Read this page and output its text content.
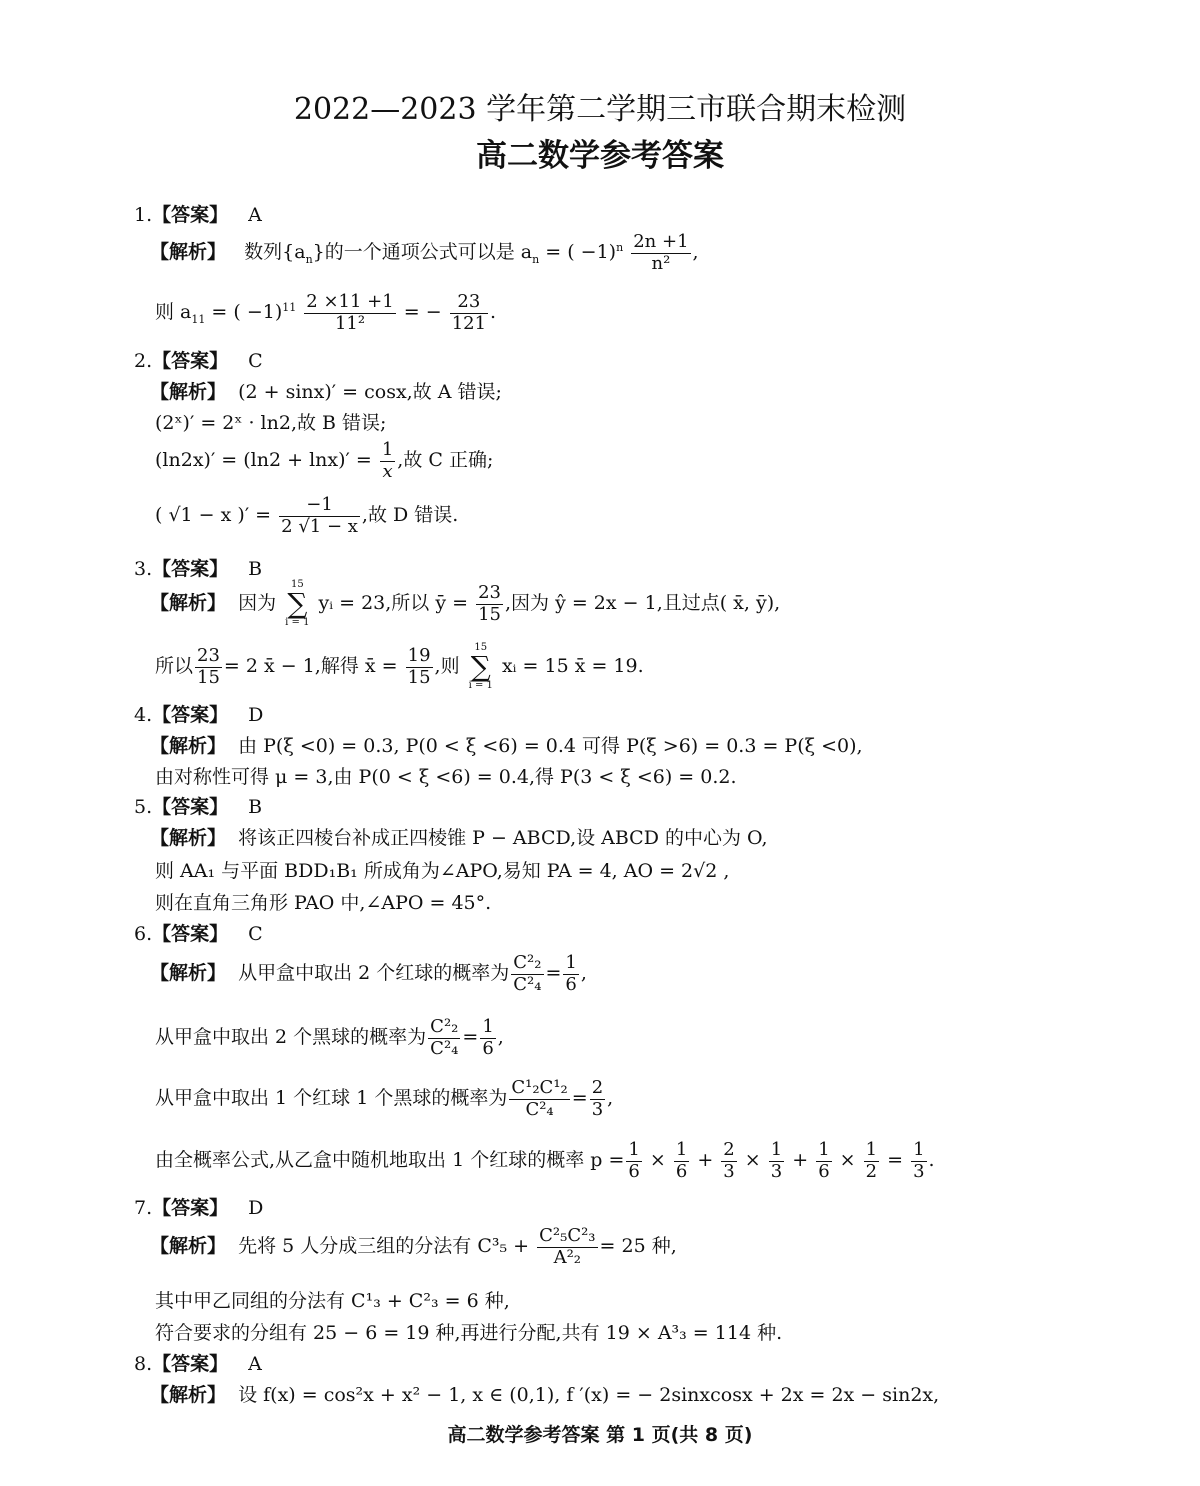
2022—2023 学年第二学期三市联合期末检测
高二数学参考答案
1.【答案】 A
【解析】 数列$\{a_n\}$的一个通项公式可以是 $a_n$ = ( $-1)^n \frac{2n +1}{\text{n²}}$ ,
则 $a_{11}$ = ( $-1)^{11} \frac{2 \times 11 +1}{\text{11²}}$ = − $\frac{23}{121}$ .
2.【答案】 C
【解析】 (2 + sinx)′ = cosx,故 A 错误;
(2ˣ)′ = 2ˣ · ln2,故 B 错误;
$(\ln 2x)' = (\ln 2 + \ln x)' = \frac{1}{x}$ ,故 C 正确;
( √1 − x )′ = $\frac{-1}{2 √1 - x}$ ,故 D 错误.
3.【答案】 B
【解析】 因为
15
∑
i = 1
yᵢ = 23,所以 ȳ = $\frac{23}{15}$ ,因为 ŷ = 2x − 1,且过点( x̄, ȳ),
所以 $\frac{23}{15} = 2$ x̄ − 1,解得 x̄ = $\frac{19}{15}$ ,则
15
∑
i = 1
xᵢ = 15 x̄ = 19.
4.【答案】 D
【解析】 由 P(ξ <0) = 0.3, P(0 < ξ <6) = 0.4 可得 P(ξ >6) = 0.3 = P(ξ <0),
由对称性可得 μ = 3,由 P(0 < ξ <6) = 0.4,得 P(3 < ξ <6) = 0.2.
5.【答案】 B
【解析】 将该正四棱台补成正四棱锥 P − ABCD,设 ABCD 的中心为 O,
则 AA₁ 与平面 BDD₁B₁ 所成角为∠APO,易知 PA = 4, AO = 2√2 ,
则在直角三角形 PAO 中,∠APO = 45°.
6.【答案】 C
【解析】 从甲盒中取出 2 个红球的概率为 $\frac{\text{C²₂}}{\text{C²₄}} = \frac{1}{6}$ ,
从甲盒中取出 2 个黑球的概率为 $\frac{\text{C²₂}}{\text{C²₄}} = \frac{1}{6}$ ,
从甲盒中取出 1 个红球 1 个黑球的概率为 $\frac{\text{C¹₂C¹₂}}{\text{C²₄}} = \frac{2}{3}$ ,
由全概率公式,从乙盒中随机地取出 1 个红球的概率 $p = \frac{1}{6} \times \frac{1}{6} + \frac{2}{3} \times \frac{1}{3} + \frac{1}{6} \times \frac{1}{2} = \frac{1}{3}$ .
7.【答案】 D
【解析】 先将 5 人分成三组的分法有 $C^3_5 + \frac{\text{C²₅C²₃}}{\text{A²₂}} = 25$ 种,
其中甲乙同组的分法有 C¹₃ + C²₃ = 6 种,
符合要求的分组有 25 − 6 = 19 种,再进行分配,共有 19 × A³₃ = 114 种.
8.【答案】 A
【解析】 设 f(x) = cos²x + x² − 1, x ∈ (0,1), f ′(x) = − 2sinxcosx + 2x = 2x − sin2x,
高二数学参考答案 第 1 页(共 8 页)
